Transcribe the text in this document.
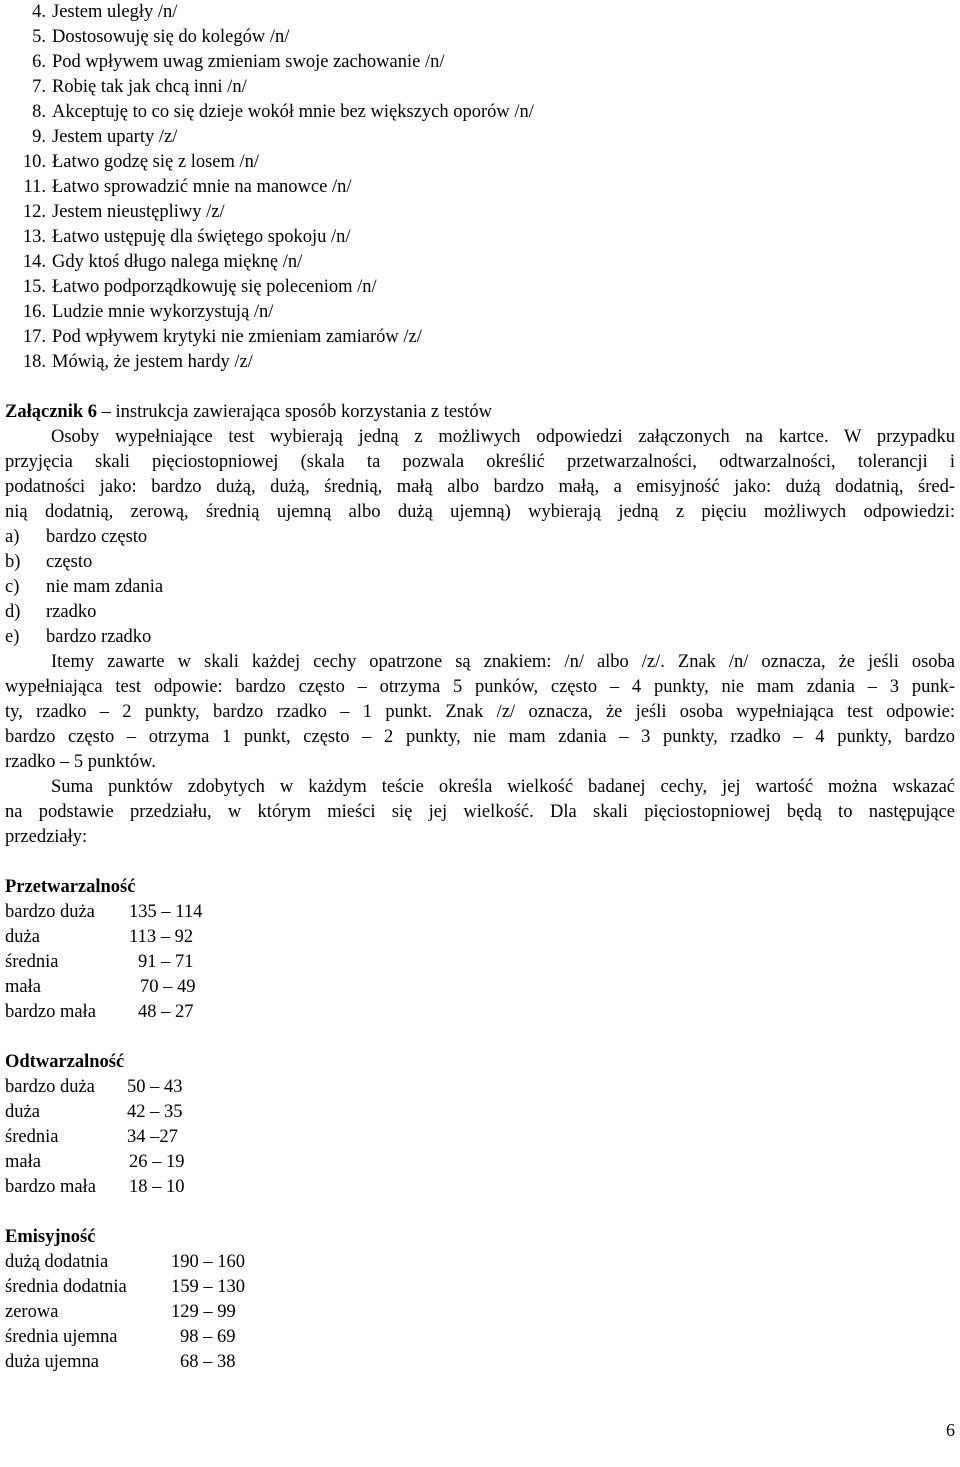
4. Jestem uległy /n/
5. Dostosowuję się do kolegów /n/
6. Pod wpływem uwag zmieniam swoje zachowanie /n/
7. Robię tak jak chcą inni /n/
8. Akceptuję to co się dzieje wokół mnie bez większych oporów /n/
9. Jestem uparty /z/
10. Łatwo godzę się z losem /n/
11. Łatwo sprowadzić mnie na manowce /n/
12. Jestem nieustępliwy /z/
13. Łatwo ustępuję dla świętego spokoju /n/
14. Gdy ktoś długo nalega mięknę /n/
15. Łatwo podporządkowuję się poleceniom /n/
16. Ludzie mnie wykorzystują /n/
17. Pod wpływem krytyki nie zmieniam zamiarów /z/
18. Mówią, że jestem hardy /z/
Załącznik 6 – instrukcja zawierająca sposób korzystania z testów
Osoby wypełniające test wybierają jedną z możliwych odpowiedzi załączonych na kartce. W przypadku
przyjęcia skali pięciostopniowej (skala ta pozwala określić przetwarzalności, odtwarzalności, tolerancji i
podatności jako: bardzo dużą, dużą, średnią, małą albo bardzo małą, a emisyjność jako: dużą dodatnią, śred-
nią dodatnią, zerową, średnią ujemną albo dużą ujemną) wybierają jedną z pięciu możliwych odpowiedzi:
a)	bardzo często
b)	często
c)	nie mam zdania
d)	rzadko
e)	bardzo rzadko
Itemy zawarte w skali każdej cechy opatrzone są znakiem: /n/ albo /z/. Znak /n/ oznacza, że jeśli osoba
wypełniająca test odpowie: bardzo często – otrzyma 5 punków, często – 4 punkty, nie mam zdania – 3 punk-
ty, rzadko – 2 punkty, bardzo rzadko – 1 punkt. Znak /z/ oznacza, że jeśli osoba wypełniająca test odpowie:
bardzo często – otrzyma 1 punkt, często – 2 punkty, nie mam zdania – 3 punkty, rzadko – 4 punkty, bardzo
rzadko – 5 punktów.
Suma punktów zdobytych w każdym teście określa wielkość badanej cechy, jej wartość można wskazać
na podstawie przedziału, w którym mieści się jej wielkość. Dla skali pięciostopniowej będą to następujące
przedziały:
Przetwarzalność
bardzo duża	135 – 114
duża	113 – 92
średnia	91 – 71
mała	70 – 49
bardzo mała	48 – 27
Odtwarzalność
bardzo duża	50 – 43
duża	42 – 35
średnia	34 –27
mała	26 – 19
bardzo mała	18 – 10
Emisyjność
dużą dodatnia	190 – 160
średnia dodatnia	159 – 130
zerowa	129 – 99
średnia ujemna	98 – 69
duża ujemna	68 – 38
6
